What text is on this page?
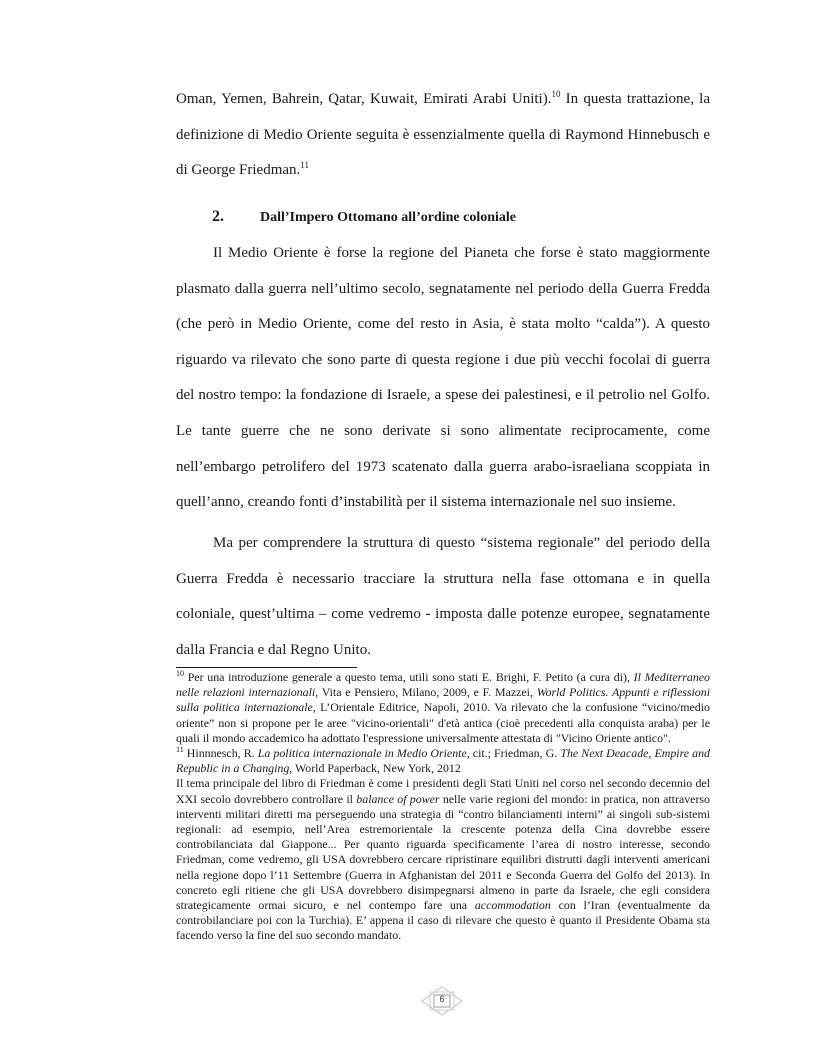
Oman, Yemen, Bahrein, Qatar, Kuwait, Emirati Arabi Uniti).$^{10}$ In questa trattazione, la definizione di Medio Oriente seguita è essenzialmente quella di Raymond Hinnebusch e di George Friedman.$^{11}$

2.	Dall’Impero Ottomano all’ordine coloniale

Il Medio Oriente è forse la regione del Pianeta che forse è stato maggiormente plasmato dalla guerra nell’ultimo secolo, segnatamente nel periodo della Guerra Fredda (che però in Medio Oriente, come del resto in Asia, è stata molto “calda”). A questo riguardo va rilevato che sono parte di questa regione i due più vecchi focolai di guerra del nostro tempo: la fondazione di Israele, a spese dei palestinesi, e il petrolio nel Golfo. Le tante guerre che ne sono derivate si sono alimentate reciprocamente, come nell’embargo petrolifero del 1973 scatenato dalla guerra arabo-israeliana scoppiata in quell’anno, creando fonti d’instabilità per il sistema internazionale nel suo insieme.

Ma per comprendere la struttura di questo “sistema regionale” del periodo della Guerra Fredda è necessario tracciare la struttura nella fase ottomana e in quella coloniale, quest’ultima – come vedremo - imposta dalle potenze europee, segnatamente dalla Francia e dal Regno Unito.

$^{10}$ Per una introduzione generale a questo tema, utili sono stati E. Brighi, F. Petito (a cura di), Il Mediterraneo nelle relazioni internazionali, Vita e Pensiero, Milano, 2009, e F. Mazzei, World Politics. Appunti e riflessioni sulla politica internazionale, L’Orientale Editrice, Napoli, 2010. Va rilevato che la confusione “vicino/medio oriente” non si propone per le aree "vicino-orientali" d'età antica (cioè precedenti alla conquista araba) per le quali il mondo accademico ha adottato l'espressione universalmente attestata di "Vicino Oriente antico".

$^{11}$ Hinnnesch, R. La politica internazionale in Medio Oriente, cit.; Friedman, G. The Next Deacade, Empire and Republic in a Changing, World Paperback, New York, 2012

Il tema principale del libro di Friedman è come i presidenti degli Stati Uniti nel corso nel secondo decennio del XXI secolo dovrebbero controllare il balance of power nelle varie regioni del mondo: in pratica, non attraverso interventi militari diretti ma perseguendo una strategia di “contro bilanciamenti interni” ai singoli sub-sistemi regionali: ad esempio, nell’Area estremorientale la crescente potenza della Cina dovrebbe essere controbilanciata dal Giappone... Per quanto riguarda specificamente l’area di nostro interesse, secondo Friedman, come vedremo, gli USA dovrebbero cercare ripristinare equilibri distrutti dagli interventi americani nella regione dopo l’11 Settembre (Guerra in Afghanistan del 2011 e Seconda Guerra del Golfo del 2013). In concreto egli ritiene che gli USA dovrebbero disimpegnarsi almeno in parte da Israele, che egli considera strategicamente ormai sicuro, e nel contempo fare una accommodation con l’Iran (eventualmente da controbilanciare poi con la Turchia). E’ appena il caso di rilevare che questo è quanto il Presidente Obama sta facendo verso la fine del suo secondo mandato.

6
